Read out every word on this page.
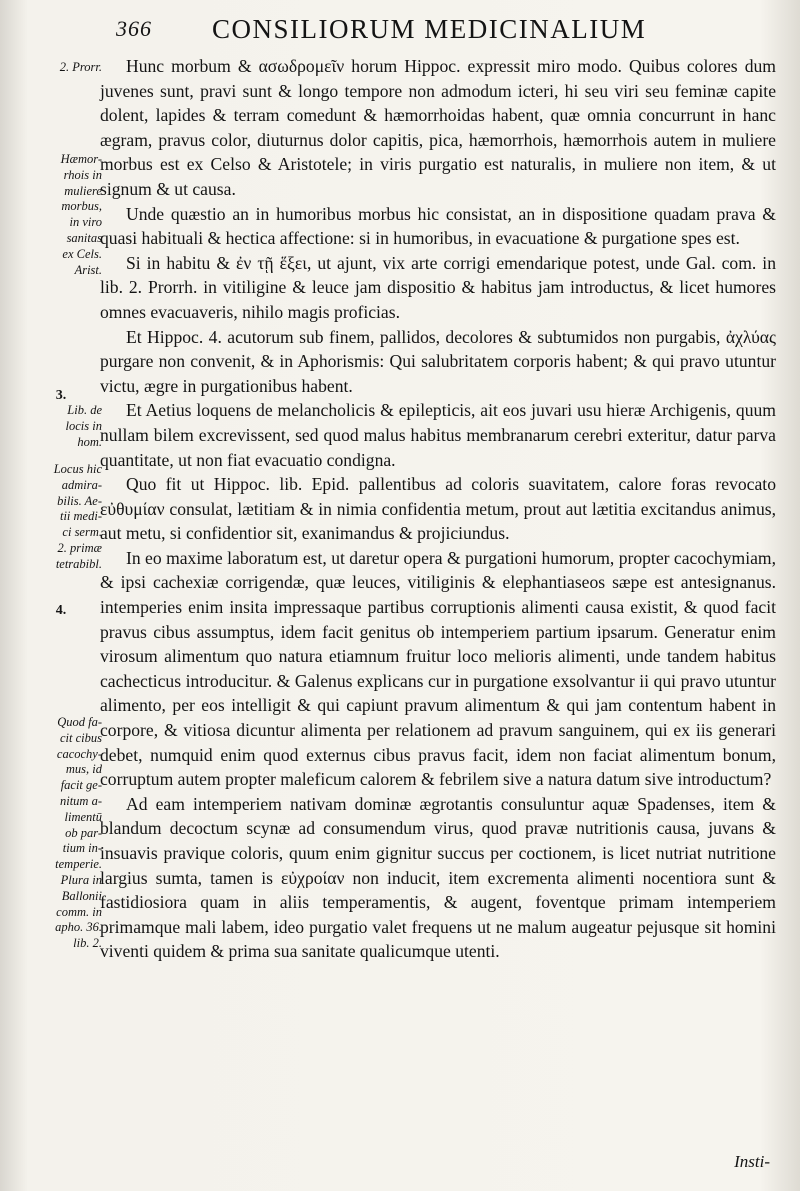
366 CONSILIORUM MEDICINALIUM
2. Prorr.
Hæmor-
rhois in
muliere
morbus,
in viro
sanitas
ex Cels.
Arist.
3.
Lib. de
locis in
hom.
Locus hic
admira-
bilis. Ae-
tii medi-
ci serm.
2. primæ
tetrabibl.
4.
Quod fa-
cit cibus
cacochy-
mus, id
facit ge-
nitum a-
limentū
ob par-
tium in-
temperie.
Plura in
Ballonii
comm. in
apho. 36.
lib. 2.

Hunc morbum & ασωδρομεῖν horum Hippoc. expressit miro modo. Quibus colores dum juvenes sunt, pravi sunt & longo tempore non admodum icteri, hi seu viri seu feminæ capite dolent, lapides & terram comedunt & hæmorrhoidas habent, quæ omnia concurrunt in hanc ægram, pravus color, diuturnus dolor capitis, pica, hæmorrhois, hæmorrhois autem in muliere morbus est ex Celso & Aristotele; in viris purgatio est naturalis, in muliere non item, & ut signum & ut causa.

Unde quæstio an in humoribus morbus hic consistat, an in dispositione quadam prava & quasi habituali & hectica affectione: si in humoribus, in evacuatione & purgatione spes est.

Si in habitu & ἐν τῇ ἕξει, ut ajunt, vix arte corrigi emendarique potest, unde Gal. com. in lib. 2. Prorrh. in vitiligine & leuce jam dispositio & habitus jam introductus, & licet humores omnes evacuaveris, nihilo magis proficias.

Et Hippoc. 4. acutorum sub finem, pallidos, decolores & subtumidos non purgabis, ἀχλύας purgare non convenit, & in Aphorismis: Qui salubritatem corporis habent; & qui pravo utuntur victu, ægre in purgationibus habent.

Et Aetius loquens de melancholicis & epilepticis, ait eos juvari usu hieræ Archigenis, quum nullam bilem excrevissent, sed quod malus habitus membranarum cerebri exteritur, datur parva quantitate, ut non fiat evacuatio condigna.

Quo fit ut Hippoc. lib. Epid. pallentibus ad coloris suavitatem, calore foras revocato εὐθυμίαν consulat, lætitiam & in nimia confidentia metum, prout aut lætitia excitandus animus, aut metu, si confidentior sit, exanimandus & projiciundus.

In eo maxime laboratum est, ut daretur opera & purgationi humorum, propter cacochymiam, & ipsi cachexiæ corrigendæ, quæ leuces, vitiliginis & elephantiaseos sæpe est antesignanus. intemperies enim insita impressaque partibus corruptionis alimenti causa existit, & quod facit pravus cibus assumptus, idem facit genitus ob intemperiem partium ipsarum. Generatur enim virosum alimentum quo natura etiamnum fruitur loco melioris alimenti, unde tandem habitus cachecticus introducitur. & Galenus explicans cur in purgatione exsolvantur ii qui pravo utuntur alimento, per eos intelligit & qui capiunt pravum alimentum & qui jam contentum habent in corpore, & vitiosa dicuntur alimenta per relationem ad pravum sanguinem, qui ex iis generari debet, numquid enim quod externus cibus pravus facit, idem non faciat alimentum bonum, corruptum autem propter maleficum calorem & febrilem sive a natura datum sive introductum?

Ad eam intemperiem nativam dominæ ægrotantis consuluntur aquæ Spadenses, item & blandum decoctum scynæ ad consumendum virus, quod pravæ nutritionis causa, juvans & insuavis pravique coloris, quum enim gignitur succus per coctionem, is licet nutriat nutritione largius sumta, tamen is εὐχροίαν non inducit, item excrementa alimenti nocentiora sunt & fastidiosiora quam in aliis temperamentis, & augent, foventque primam intemperiem primamque mali labem, ideo purgatio valet frequens ut ne malum augeatur pejusque sit homini viventi quidem & prima sua sanitate qualicumque utenti.

Insti-
